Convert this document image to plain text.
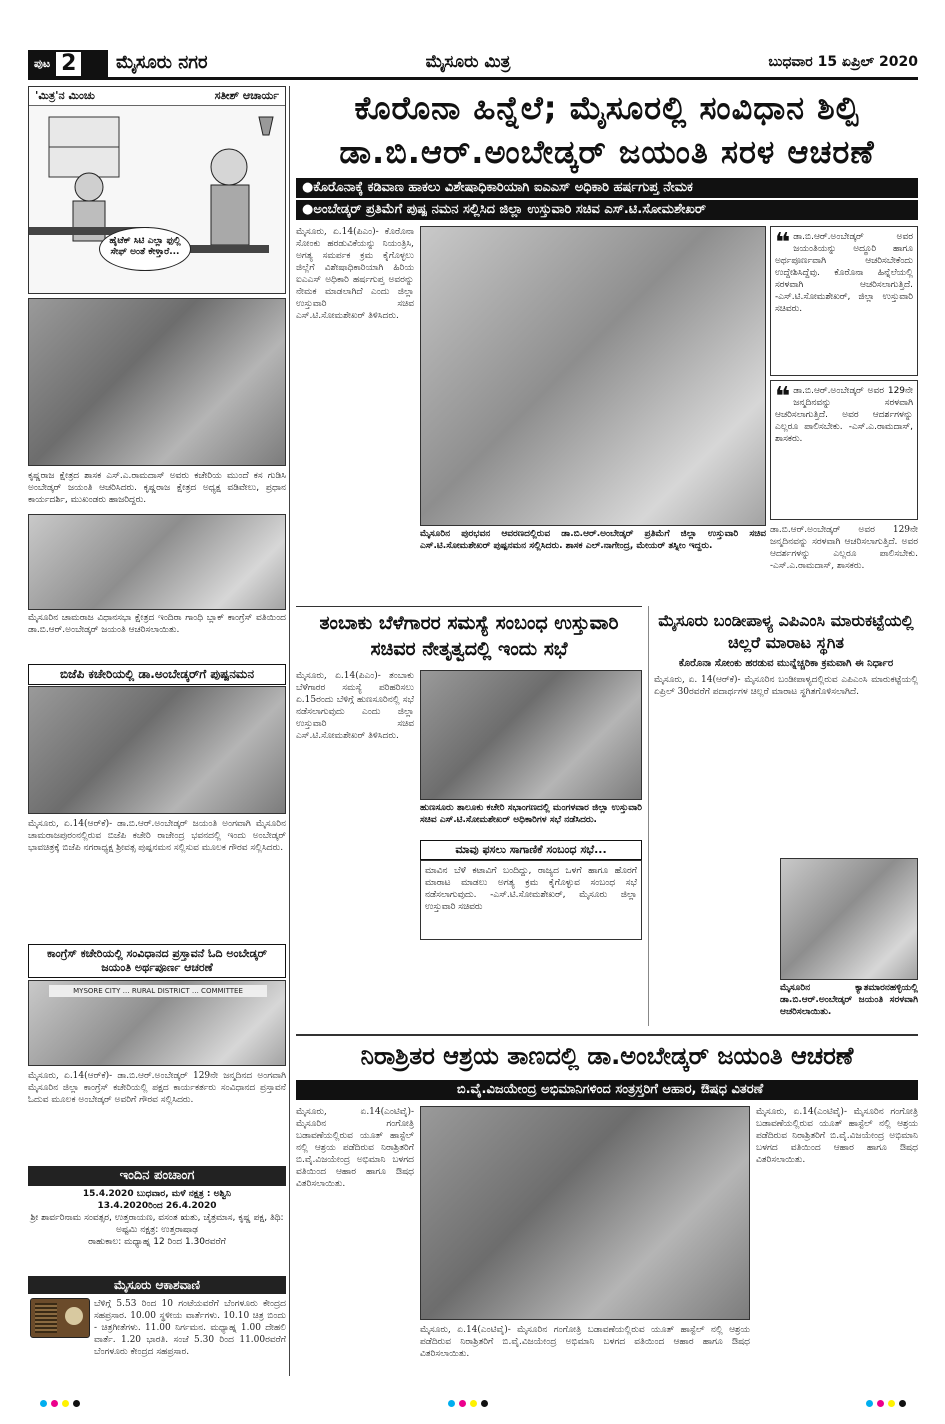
ಪುಟ 2 ಮೈಸೂರು ನಗರ	ಮೈಸೂರು ಮಿತ್ರ	ಬುಧವಾರ 15 ಏಪ್ರಿಲ್ 2020
'ಮಿತ್ರ'ನ ಮಿಂಚು	ಸತೀಶ್ ಆಚಾರ್ಯ
ಹೈಟೆಕ್ ಸಿಟಿ ಎಲ್ಲಾ ಫುಲ್ಲಿ ಸೇಫ್ ಅಂತೆ ಕೇಳ್ತಾರೆ...
ಕೃಷ್ಣರಾಜ ಕ್ಷೇತ್ರದ ಶಾಸಕ ಎಸ್.ಎ.ರಾಮದಾಸ್ ಅವರು ಕಚೇರಿಯ ಮುಂದೆ ಕಸ ಗುಡಿಸಿ ಅಂಬೇಡ್ಕರ್ ಜಯಂತಿ ಆಚರಿಸಿದರು. ಕೃಷ್ಣರಾಜ ಕ್ಷೇತ್ರದ ಅಧ್ಯಕ್ಷ ವಡಿವೇಲು, ಪ್ರಧಾನ ಕಾರ್ಯದರ್ಶಿ, ಮುಖಂಡರು ಹಾಜರಿದ್ದರು.
ಮೈಸೂರಿನ ಚಾಮರಾಜ ವಿಧಾನಸಭಾ ಕ್ಷೇತ್ರದ ಇಂದಿರಾ ಗಾಂಧಿ ಬ್ಲಾಕ್ ಕಾಂಗ್ರೆಸ್ ವತಿಯಿಂದ ಡಾ.ಬಿ.ಆರ್.ಅಂಬೇಡ್ಕರ್ ಜಯಂತಿ ಆಚರಿಸಲಾಯಿತು.
ಬಿಜೆಪಿ ಕಚೇರಿಯಲ್ಲಿ ಡಾ.ಅಂಬೇಡ್ಕರ್‌ಗೆ ಪುಷ್ಪನಮನ
ಮೈಸೂರು, ಏ.14(ಆರ್‌ಕೆ)- ಡಾ.ಬಿ.ಆರ್.ಅಂಬೇಡ್ಕರ್ ಜಯಂತಿ ಅಂಗವಾಗಿ ಮೈಸೂರಿನ ಚಾಮರಾಜಪುರಂನಲ್ಲಿರುವ ಬಿಜೆಪಿ ಕಚೇರಿ ರಾಜೇಂದ್ರ ಭವನದಲ್ಲಿ ಇಂದು ಅಂಬೇಡ್ಕರ್ ಭಾವಚಿತ್ರಕ್ಕೆ ಬಿಜೆಪಿ ನಗರಾಧ್ಯಕ್ಷ ಶ್ರೀವತ್ಸ ಪುಷ್ಪನಮನ ಸಲ್ಲಿಸುವ ಮೂಲಕ ಗೌರವ ಸಲ್ಲಿಸಿದರು.
ಕಾಂಗ್ರೆಸ್ ಕಚೇರಿಯಲ್ಲಿ ಸಂವಿಧಾನದ ಪ್ರಸ್ತಾವನೆ ಓದಿ ಅಂಬೇಡ್ಕರ್ ಜಯಂತಿ ಅರ್ಥಪೂರ್ಣ ಆಚರಣೆ
MYSORE CITY … RURAL DISTRICT … COMMITTEE
ಮೈಸೂರು, ಏ.14(ಆರ್‌ಕೆ)- ಡಾ.ಬಿ.ಆರ್.ಅಂಬೇಡ್ಕರ್ 129ನೇ ಜನ್ಮದಿನದ ಅಂಗವಾಗಿ ಮೈಸೂರಿನ ಜಿಲ್ಲಾ ಕಾಂಗ್ರೆಸ್ ಕಚೇರಿಯಲ್ಲಿ ಪಕ್ಷದ ಕಾರ್ಯಕರ್ತರು ಸಂವಿಧಾನದ ಪ್ರಸ್ತಾವನೆ ಓದುವ ಮೂಲಕ ಅಂಬೇಡ್ಕರ್ ಅವರಿಗೆ ಗೌರವ ಸಲ್ಲಿಸಿದರು.
ಇಂದಿನ ಪಂಚಾಂಗ
15.4.2020 ಬುಧವಾರ, ಮಳೆ ನಕ್ಷತ್ರ : ಅಶ್ವಿನಿ
13.4.2020ರಿಂದ 26.4.2020
ಶ್ರೀ ಶಾರ್ವರಿನಾಮ ಸಂವತ್ಸರ, ಉತ್ತರಾಯಣ, ವಸಂತ ಋತು, ಚೈತ್ರಮಾಸ, ಕೃಷ್ಣ ಪಕ್ಷ, ತಿಥಿ: ಅಷ್ಟಮಿ ನಕ್ಷತ್ರ: ಉತ್ತರಾಷಾಢ
ರಾಹುಕಾಲ: ಮಧ್ಯಾಹ್ನ 12 ರಿಂದ 1.30ರವರೆಗೆ
ಮೈಸೂರು ಆಕಾಶವಾಣಿ
ಬೆಳಿಗ್ಗೆ 5.53 ರಿಂದ 10 ಗಂಟೆಯವರೆಗೆ ಬೆಂಗಳೂರು ಕೇಂದ್ರದ ಸಹಪ್ರಸಾರ. 10.00 ಸ್ಥಳೀಯ ವಾರ್ತೆಗಳು. 10.10 ಚಿತ್ರ ಬಿಂದು - ಚಿತ್ರಗೀತೆಗಳು. 11.00 ನಿರ್ಗಮನ. ಮಧ್ಯಾಹ್ನ 1.00 ದೇಹಲಿ ವಾರ್ತೆ. 1.20 ಭಾರತಿ. ಸಂಜೆ 5.30 ರಿಂದ 11.00ರವರೆಗೆ ಬೆಂಗಳೂರು ಕೇಂದ್ರದ ಸಹಪ್ರಸಾರ.
ಕೊರೊನಾ ಹಿನ್ನೆಲೆ; ಮೈಸೂರಲ್ಲಿ ಸಂವಿಧಾನ ಶಿಲ್ಪಿ
ಡಾ.ಬಿ.ಆರ್.ಅಂಬೇಡ್ಕರ್ ಜಯಂತಿ ಸರಳ ಆಚರಣೆ
●ಕೊರೊನಾಕ್ಕೆ ಕಡಿವಾಣ ಹಾಕಲು ವಿಶೇಷಾಧಿಕಾರಿಯಾಗಿ ಐಎಎಸ್ ಅಧಿಕಾರಿ ಹರ್ಷಗುಪ್ತ ನೇಮಕ
●ಅಂಬೇಡ್ಕರ್ ಪ್ರತಿಮೆಗೆ ಪುಷ್ಪ ನಮನ ಸಲ್ಲಿಸಿದ ಜಿಲ್ಲಾ ಉಸ್ತುವಾರಿ ಸಚಿವ ಎಸ್.ಟಿ.ಸೋಮಶೇಖರ್
ಮೈಸೂರು, ಏ.14(ಪಿಎಂ)- ಕೊರೊನಾ ಸೋಂಕು ಹರಡುವಿಕೆಯನ್ನು ನಿಯಂತ್ರಿಸಿ, ಅಗತ್ಯ ಸಮರ್ಪಕ ಕ್ರಮ ಕೈಗೊಳ್ಳಲು ಜಿಲ್ಲೆಗೆ ವಿಶೇಷಾಧಿಕಾರಿಯಾಗಿ ಹಿರಿಯ ಐಎಎಸ್ ಅಧಿಕಾರಿ ಹರ್ಷಗುಪ್ತ ಅವರನ್ನು ನೇಮಕ ಮಾಡಲಾಗಿದೆ ಎಂದು ಜಿಲ್ಲಾ ಉಸ್ತುವಾರಿ ಸಚಿವ ಎಸ್.ಟಿ.ಸೋಮಶೇಖರ್ ತಿಳಿಸಿದರು.
ಮೈಸೂರಿನ ಪುರಭವನ ಆವರಣದಲ್ಲಿರುವ ಡಾ.ಬಿ.ಆರ್.ಅಂಬೇಡ್ಕರ್ ಪ್ರತಿಮೆಗೆ ಜಿಲ್ಲಾ ಉಸ್ತುವಾರಿ ಸಚಿವ ಎಸ್.ಟಿ.ಸೋಮಶೇಖರ್ ಪುಷ್ಪನಮನ ಸಲ್ಲಿಸಿದರು. ಶಾಸಕ ಎಲ್.ನಾಗೇಂದ್ರ, ಮೇಯರ್ ತಸ್ನೀಂ ಇದ್ದರು.
❝ ಡಾ.ಬಿ.ಆರ್.ಅಂಬೇಡ್ಕರ್ ಅವರ ಜಯಂತಿಯನ್ನು ಅದ್ಧೂರಿ ಹಾಗೂ ಅರ್ಥಪೂರ್ಣವಾಗಿ ಆಚರಿಸಬೇಕೆಂದು ಉದ್ದೇಶಿಸಿದ್ದೆವು. ಕೊರೊನಾ ಹಿನ್ನೆಲೆಯಲ್ಲಿ ಸರಳವಾಗಿ ಆಚರಿಸಲಾಗುತ್ತಿದೆ. -ಎಸ್.ಟಿ.ಸೋಮಶೇಖರ್, ಜಿಲ್ಲಾ ಉಸ್ತುವಾರಿ ಸಚಿವರು.
❝ ಡಾ.ಬಿ.ಆರ್.ಅಂಬೇಡ್ಕರ್ ಅವರ 129ನೇ ಜನ್ಮದಿನವನ್ನು ಸರಳವಾಗಿ ಆಚರಿಸಲಾಗುತ್ತಿದೆ. ಅವರ ಆದರ್ಶಗಳನ್ನು ಎಲ್ಲರೂ ಪಾಲಿಸಬೇಕು. -ಎಸ್.ಎ.ರಾಮದಾಸ್, ಶಾಸಕರು.
ಡಾ.ಬಿ.ಆರ್.ಅಂಬೇಡ್ಕರ್ ಅವರ 129ನೇ ಜನ್ಮದಿನವನ್ನು ಸರಳವಾಗಿ ಆಚರಿಸಲಾಗುತ್ತಿದೆ. ಅವರ ಆದರ್ಶಗಳನ್ನು ಎಲ್ಲರೂ ಪಾಲಿಸಬೇಕು. -ಎಸ್.ಎ.ರಾಮದಾಸ್, ಶಾಸಕರು.
ತಂಬಾಕು ಬೆಳೆಗಾರರ ಸಮಸ್ಯೆ ಸಂಬಂಧ ಉಸ್ತುವಾರಿ ಸಚಿವರ ನೇತೃತ್ವದಲ್ಲಿ ಇಂದು ಸಭೆ
ಮೈಸೂರು, ಏ.14(ಪಿಎಂ)- ತಂಬಾಕು ಬೆಳೆಗಾರರ ಸಮಸ್ಯೆ ಪರಿಹರಿಸಲು ಏ.15ರಂದು ಬೆಳಿಗ್ಗೆ ಹುಣಸೂರಿನಲ್ಲಿ ಸಭೆ ನಡೆಸಲಾಗುವುದು ಎಂದು ಜಿಲ್ಲಾ ಉಸ್ತುವಾರಿ ಸಚಿವ ಎಸ್.ಟಿ.ಸೋಮಶೇಖರ್ ತಿಳಿಸಿದರು.
ಹುಣಸೂರು ತಾಲೂಕು ಕಚೇರಿ ಸಭಾಂಗಣದಲ್ಲಿ ಮಂಗಳವಾರ ಜಿಲ್ಲಾ ಉಸ್ತುವಾರಿ ಸಚಿವ ಎಸ್.ಟಿ.ಸೋಮಶೇಖರ್ ಅಧಿಕಾರಿಗಳ ಸಭೆ ನಡೆಸಿದರು.
ಮಾವು ಫಸಲು ಸಾಗಾಣಿಕೆ ಸಂಬಂಧ ಸಭೆ...
ಮಾವಿನ ಬೆಳೆ ಕಟಾವಿಗೆ ಬಂದಿದ್ದು, ರಾಜ್ಯದ ಒಳಗೆ ಹಾಗೂ ಹೊರಗೆ ಮಾರಾಟ ಮಾಡಲು ಅಗತ್ಯ ಕ್ರಮ ಕೈಗೊಳ್ಳುವ ಸಂಬಂಧ ಸಭೆ ನಡೆಸಲಾಗುವುದು. -ಎಸ್.ಟಿ.ಸೋಮಶೇಖರ್, ಮೈಸೂರು ಜಿಲ್ಲಾ ಉಸ್ತುವಾರಿ ಸಚಿವರು
ಮೈಸೂರು ಬಂಡೀಪಾಳ್ಯ ಎಪಿಎಂಸಿ ಮಾರುಕಟ್ಟೆಯಲ್ಲಿ ಚಿಲ್ಲರೆ ಮಾರಾಟ ಸ್ಥಗಿತ
ಕೊರೊನಾ ಸೋಂಕು ಹರಡುವ ಮುನ್ನೆಚ್ಚರಿಕಾ ಕ್ರಮವಾಗಿ ಈ ನಿರ್ಧಾರ
ಮೈಸೂರು, ಏ. 14(ಆರ್‌ಕೆ)- ಮೈಸೂರಿನ ಬಂಡೀಪಾಳ್ಯದಲ್ಲಿರುವ ಎಪಿಎಂಸಿ ಮಾರುಕಟ್ಟೆಯಲ್ಲಿ ಏಪ್ರಿಲ್ 30ರವರೆಗೆ ಪದಾರ್ಥಗಳ ಚಿಲ್ಲರೆ ಮಾರಾಟ ಸ್ಥಗಿತಗೊಳಿಸಲಾಗಿದೆ.
ಮೈಸೂರಿನ ಕ್ಯಾತಮಾರನಹಳ್ಳಿಯಲ್ಲಿ ಡಾ.ಬಿ.ಆರ್.ಅಂಬೇಡ್ಕರ್ ಜಯಂತಿ ಸರಳವಾಗಿ ಆಚರಿಸಲಾಯಿತು.
ನಿರಾಶ್ರಿತರ ಆಶ್ರಯ ತಾಣದಲ್ಲಿ ಡಾ.ಅಂಬೇಡ್ಕರ್ ಜಯಂತಿ ಆಚರಣೆ
ಬಿ.ವೈ.ವಿಜಯೇಂದ್ರ ಅಭಿಮಾನಿಗಳಿಂದ ಸಂತ್ರಸ್ತರಿಗೆ ಆಹಾರ, ಔಷಧ ವಿತರಣೆ
ಮೈಸೂರು, ಏ.14(ಎಂಟಿವೈ)- ಮೈಸೂರಿನ ಗಂಗೋತ್ರಿ ಬಡಾವಣೆಯಲ್ಲಿರುವ ಯೂತ್ ಹಾಸ್ಟೆಲ್ ನಲ್ಲಿ ಆಶ್ರಯ ಪಡೆದಿರುವ ನಿರಾಶ್ರಿತರಿಗೆ ಬಿ.ವೈ.ವಿಜಯೇಂದ್ರ ಅಭಿಮಾನಿ ಬಳಗದ ವತಿಯಿಂದ ಆಹಾರ ಹಾಗೂ ಔಷಧ ವಿತರಿಸಲಾಯಿತು.
ಮೈಸೂರು, ಏ.14(ಎಂಟಿವೈ)- ಮೈಸೂರಿನ ಗಂಗೋತ್ರಿ ಬಡಾವಣೆಯಲ್ಲಿರುವ ಯೂತ್ ಹಾಸ್ಟೆಲ್ ನಲ್ಲಿ ಆಶ್ರಯ ಪಡೆದಿರುವ ನಿರಾಶ್ರಿತರಿಗೆ ಬಿ.ವೈ.ವಿಜಯೇಂದ್ರ ಅಭಿಮಾನಿ ಬಳಗದ ವತಿಯಿಂದ ಆಹಾರ ಹಾಗೂ ಔಷಧ ವಿತರಿಸಲಾಯಿತು.
ಮೈಸೂರು, ಏ.14(ಎಂಟಿವೈ)- ಮೈಸೂರಿನ ಗಂಗೋತ್ರಿ ಬಡಾವಣೆಯಲ್ಲಿರುವ ಯೂತ್ ಹಾಸ್ಟೆಲ್ ನಲ್ಲಿ ಆಶ್ರಯ ಪಡೆದಿರುವ ನಿರಾಶ್ರಿತರಿಗೆ ಬಿ.ವೈ.ವಿಜಯೇಂದ್ರ ಅಭಿಮಾನಿ ಬಳಗದ ವತಿಯಿಂದ ಆಹಾರ ಹಾಗೂ ಔಷಧ ವಿತರಿಸಲಾಯಿತು.
